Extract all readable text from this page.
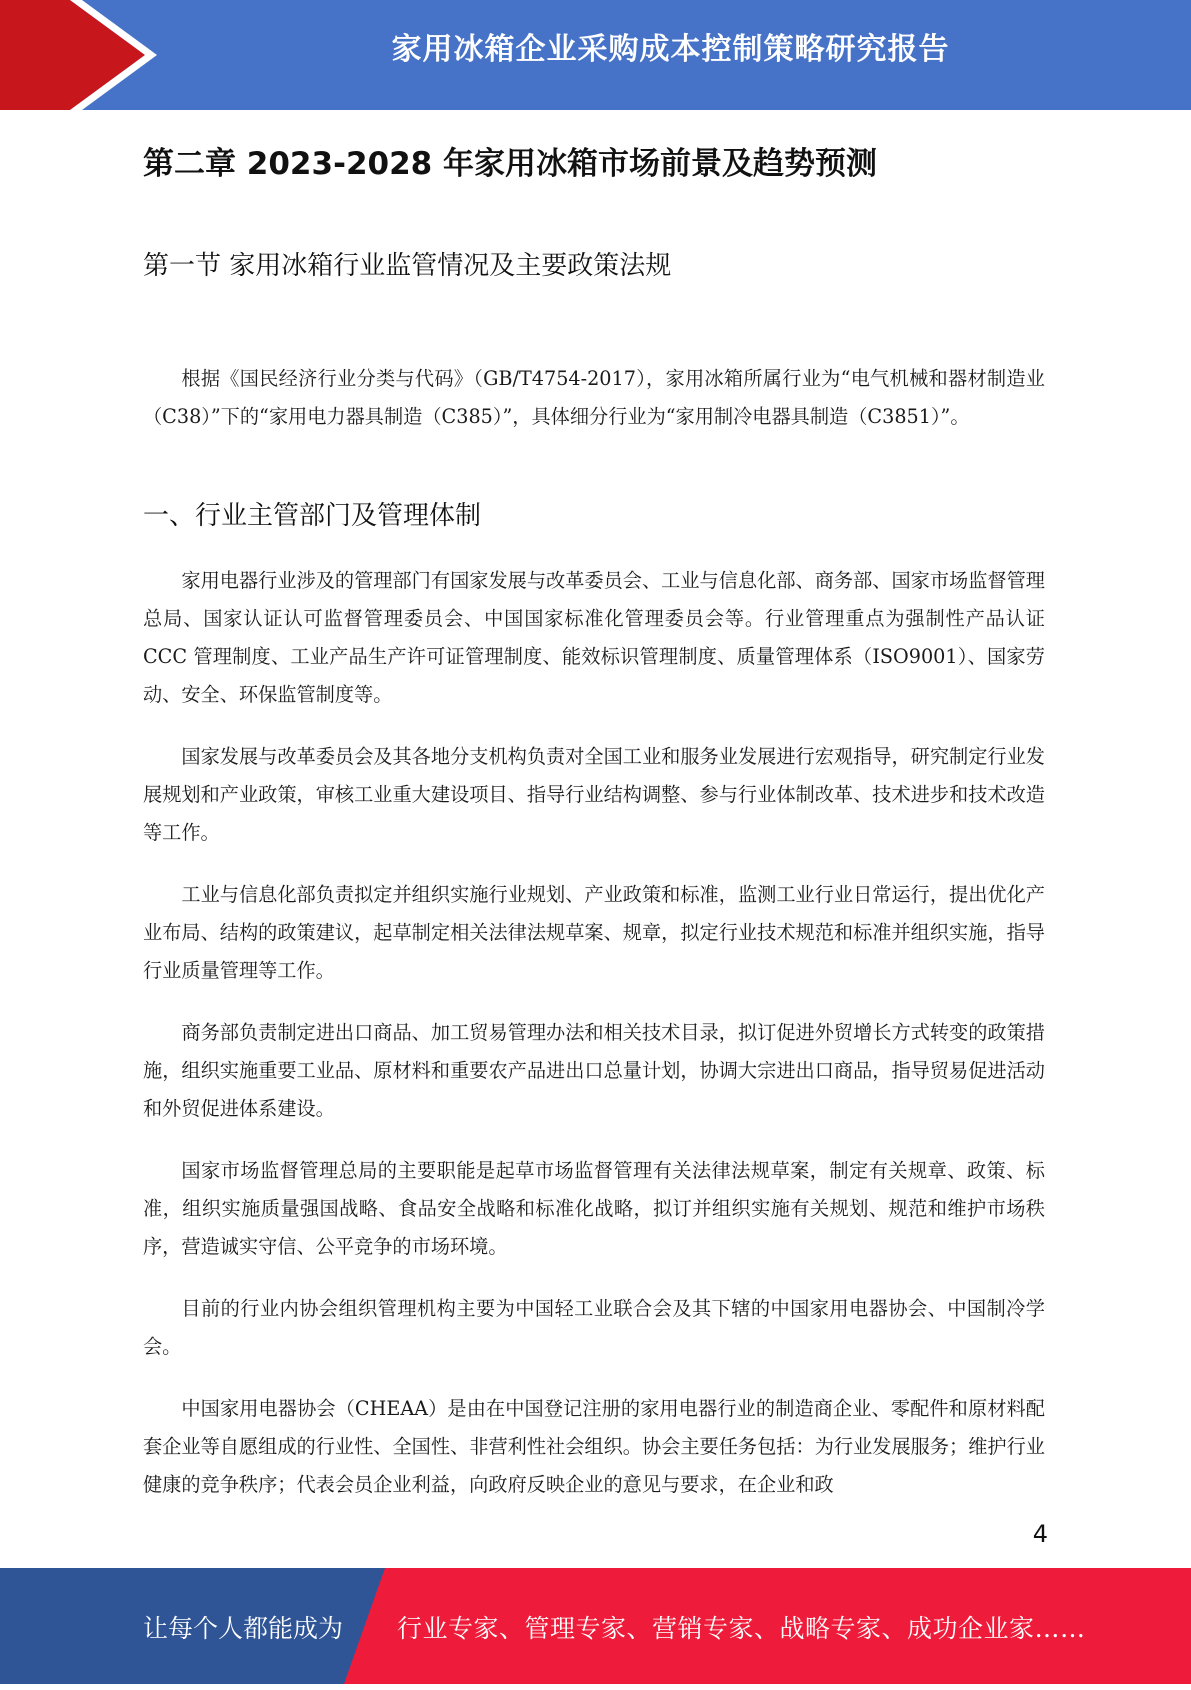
家用冰箱企业采购成本控制策略研究报告
第二章 2023-2028 年家用冰箱市场前景及趋势预测
第一节 家用冰箱行业监管情况及主要政策法规

根据《国民经济行业分类与代码》（GB/T4754-2017），家用冰箱所属行业为“电气机械和器材制造业（C38）”下的“家用电力器具制造（C385）”，具体细分行业为“家用制冷电器具制造（C3851）”。

一、行业主管部门及管理体制

家用电器行业涉及的管理部门有国家发展与改革委员会、工业与信息化部、商务部、国家市场监督管理总局、国家认证认可监督管理委员会、中国国家标准化管理委员会等。行业管理重点为强制性产品认证 CCC 管理制度、工业产品生产许可证管理制度、能效标识管理制度、质量管理体系（ISO9001）、国家劳动、安全、环保监管制度等。

国家发展与改革委员会及其各地分支机构负责对全国工业和服务业发展进行宏观指导，研究制定行业发展规划和产业政策，审核工业重大建设项目、指导行业结构调整、参与行业体制改革、技术进步和技术改造等工作。

工业与信息化部负责拟定并组织实施行业规划、产业政策和标准，监测工业行业日常运行，提出优化产业布局、结构的政策建议，起草制定相关法律法规草案、规章，拟定行业技术规范和标准并组织实施，指导行业质量管理等工作。

商务部负责制定进出口商品、加工贸易管理办法和相关技术目录，拟订促进外贸增长方式转变的政策措施，组织实施重要工业品、原材料和重要农产品进出口总量计划，协调大宗进出口商品，指导贸易促进活动和外贸促进体系建设。

国家市场监督管理总局的主要职能是起草市场监督管理有关法律法规草案，制定有关规章、政策、标准，组织实施质量强国战略、食品安全战略和标准化战略，拟订并组织实施有关规划、规范和维护市场秩序，营造诚实守信、公平竞争的市场环境。

目前的行业内协会组织管理机构主要为中国轻工业联合会及其下辖的中国家用电器协会、中国制冷学会。

中国家用电器协会（CHEAA）是由在中国登记注册的家用电器行业的制造商企业、零配件和原材料配套企业等自愿组成的行业性、全国性、非营利性社会组织。协会主要任务包括：为行业发展服务；维护行业健康的竞争秩序；代表会员企业利益，向政府反映企业的意见与要求，在企业和政

4
让每个人都能成为 行业专家、管理专家、营销专家、战略专家、成功企业家……
